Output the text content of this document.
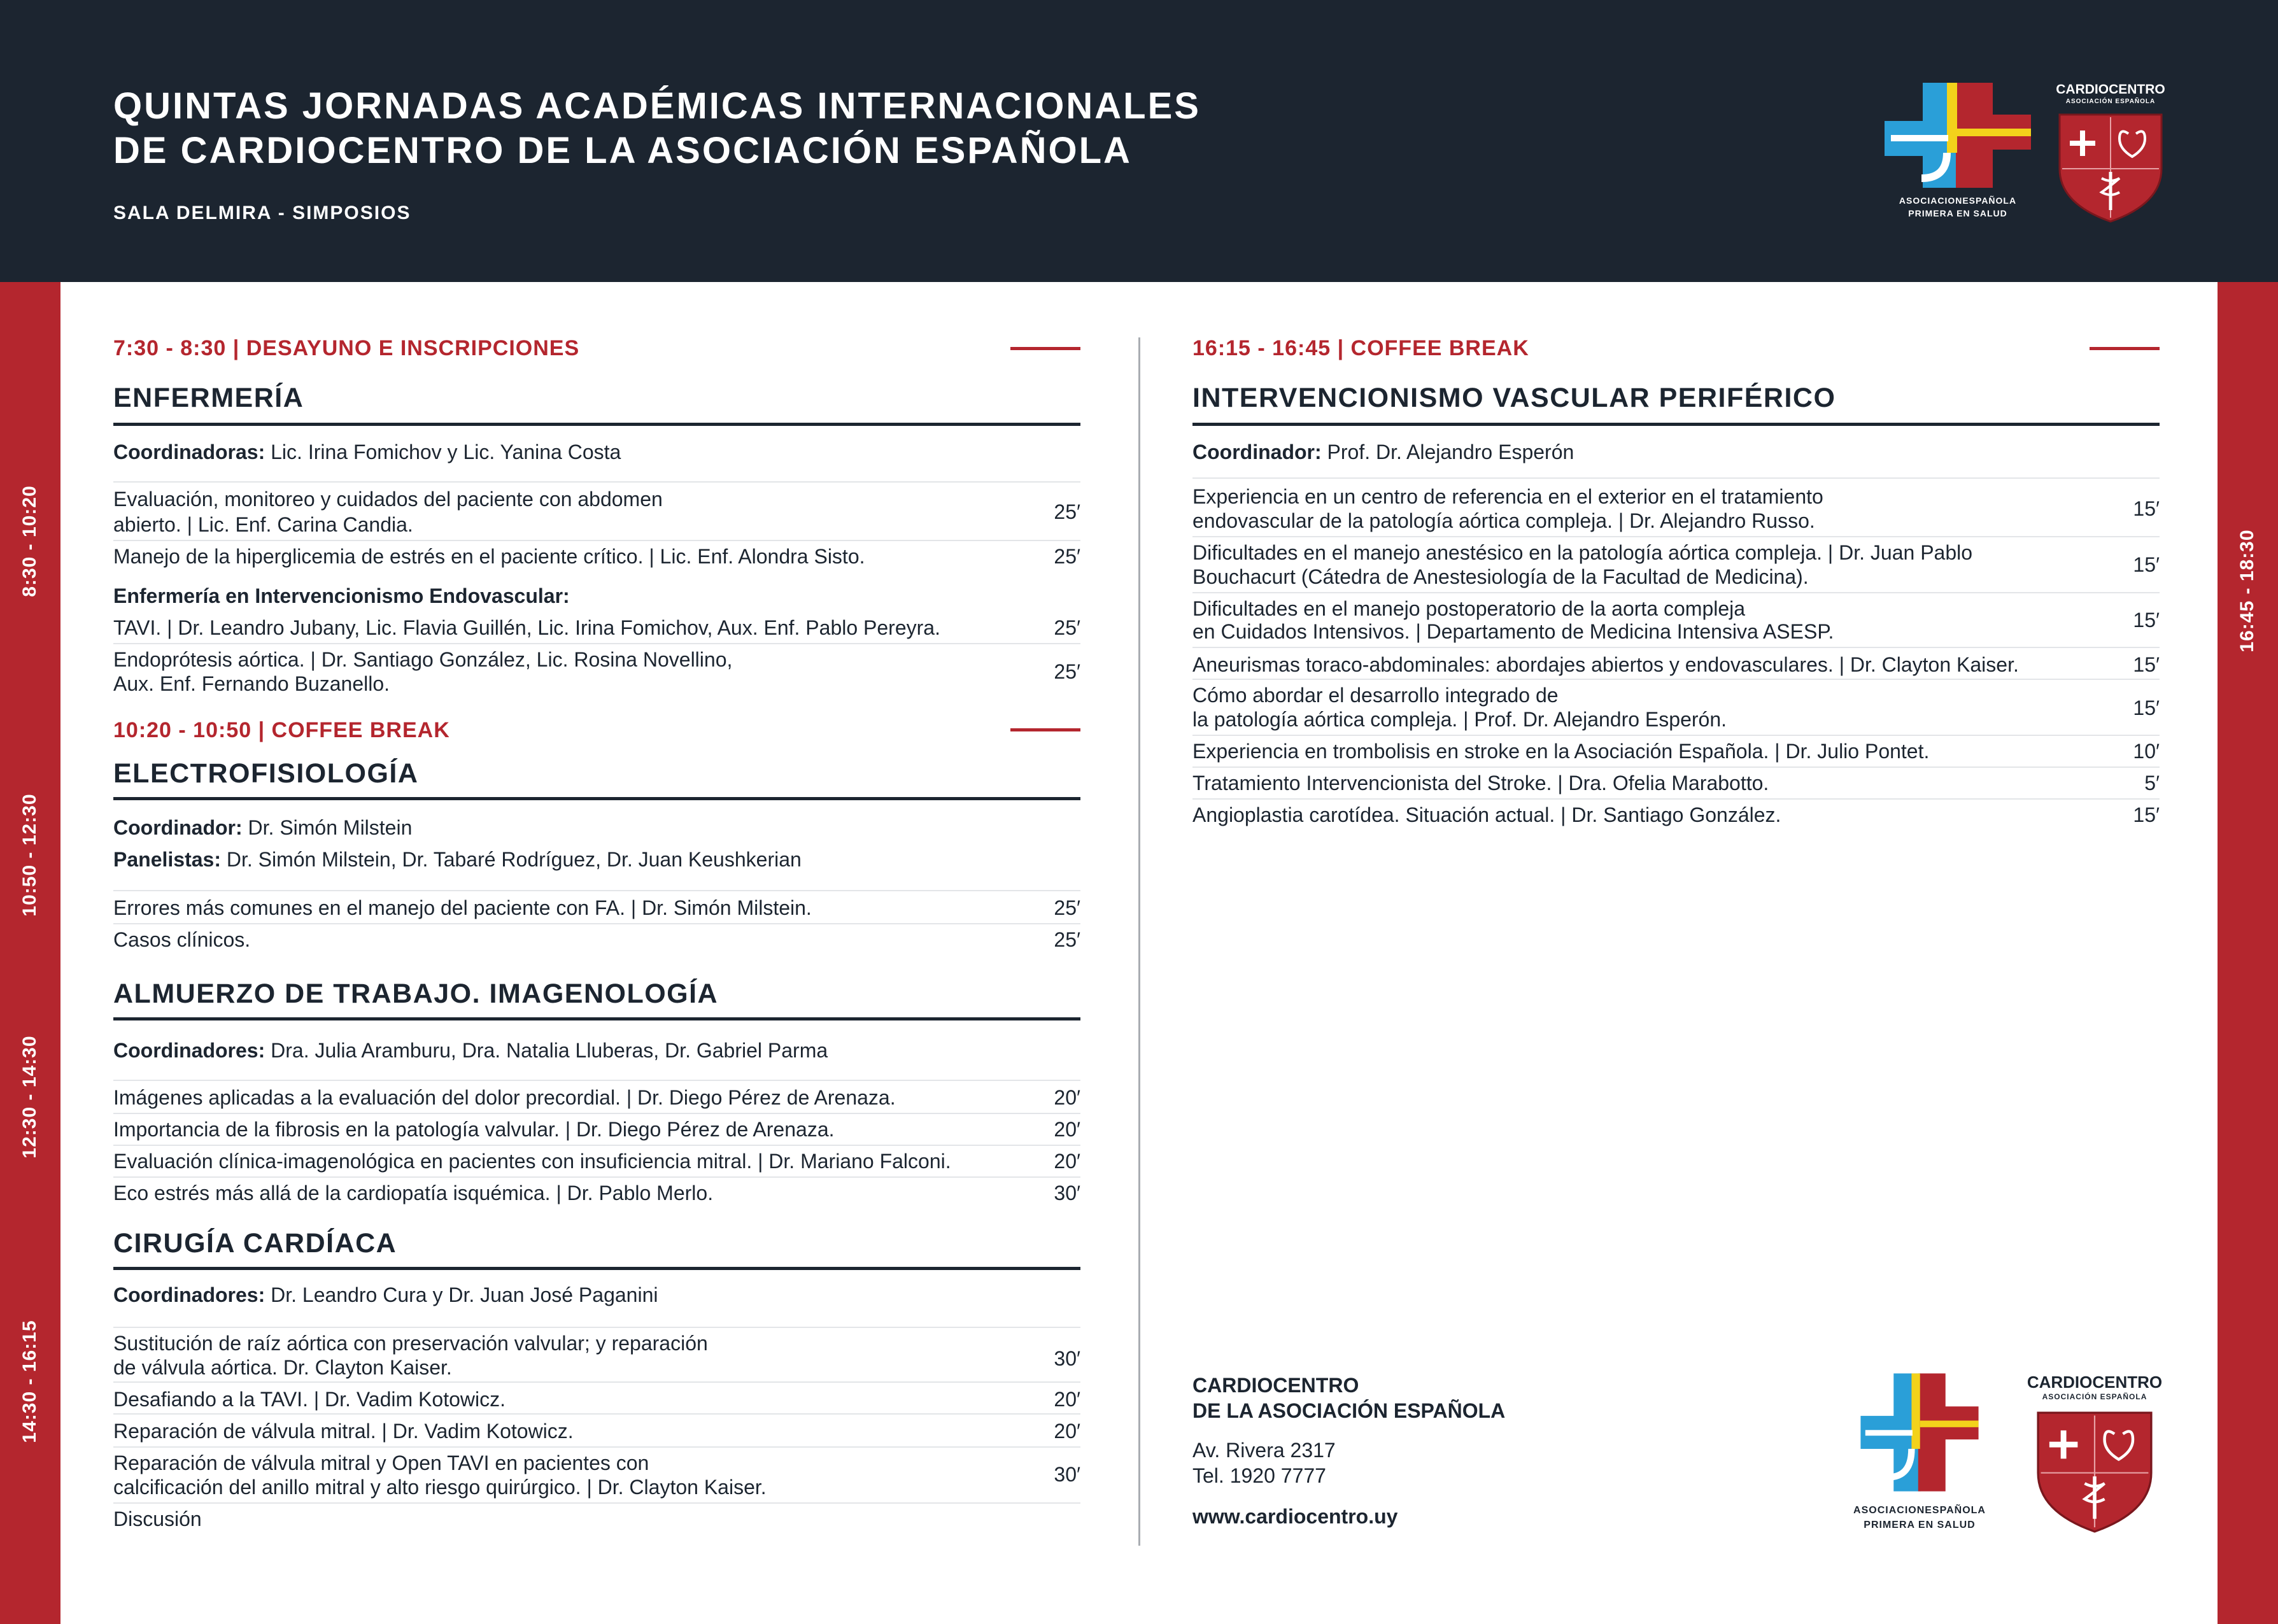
QUINTAS JORNADAS ACADÉMICAS INTERNACIONALES
DE CARDIOCENTRO DE LA ASOCIACIÓN ESPAÑOLA
SALA DELMIRA - SIMPOSIOS
ASOCIACIONESPAÑOLA
PRIMERA EN SALUD
CARDIOCENTRO
ASOCIACIÓN ESPAÑOLA
8:30 - 10:20
10:50 - 12:30
12:30 - 14:30
14:30 - 16:15
16:45 - 18:30
7:30 - 8:30 | DESAYUNO E INSCRIPCIONES
ENFERMERÍA
Coordinadoras: Lic. Irina Fomichov y Lic. Yanina Costa
Evaluación, monitoreo y cuidados del paciente con abdomen
abierto. | Lic. Enf. Carina Candia.
25′
Manejo de la hiperglicemia de estrés en el paciente crítico. | Lic. Enf. Alondra Sisto.	25′
Enfermería en Intervencionismo Endovascular:
TAVI. | Dr. Leandro Jubany, Lic. Flavia Guillén, Lic. Irina Fomichov, Aux. Enf. Pablo Pereyra.	25′
Endoprótesis aórtica. | Dr. Santiago González, Lic. Rosina Novellino,
Aux. Enf. Fernando Buzanello.
25′
10:20 - 10:50 | COFFEE BREAK
ELECTROFISIOLOGÍA
Coordinador: Dr. Simón Milstein
Panelistas: Dr. Simón Milstein, Dr. Tabaré Rodríguez, Dr. Juan Keushkerian
Errores más comunes en el manejo del paciente con FA. | Dr. Simón Milstein.	25′
Casos clínicos.	25′
ALMUERZO DE TRABAJO. IMAGENOLOGÍA
Coordinadores: Dra. Julia Aramburu, Dra. Natalia Lluberas, Dr. Gabriel Parma
Imágenes aplicadas a la evaluación del dolor precordial. | Dr. Diego Pérez de Arenaza.	20′
Importancia de la fibrosis en la patología valvular. | Dr. Diego Pérez de Arenaza.	20′
Evaluación clínica-imagenológica en pacientes con insuficiencia mitral. | Dr. Mariano Falconi.	20′
Eco estrés más allá de la cardiopatía isquémica. | Dr. Pablo Merlo.	30′
CIRUGÍA CARDÍACA
Coordinadores: Dr. Leandro Cura y Dr. Juan José Paganini
Sustitución de raíz aórtica con preservación valvular; y reparación
de válvula aórtica. Dr. Clayton Kaiser.	30′
Desafiando a la TAVI. | Dr. Vadim Kotowicz.	20′
Reparación de válvula mitral. | Dr. Vadim Kotowicz.	20′
Reparación de válvula mitral y Open TAVI en pacientes con
calcificación del anillo mitral y alto riesgo quirúrgico. | Dr. Clayton Kaiser.
30′
Discusión
16:15 - 16:45 | COFFEE BREAK
INTERVENCIONISMO VASCULAR PERIFÉRICO
Coordinador: Prof. Dr. Alejandro Esperón
Experiencia en un centro de referencia en el exterior en el tratamiento
endovascular de la patología aórtica compleja. | Dr. Alejandro Russo.
15′
Dificultades en el manejo anestésico en la patología aórtica compleja. | Dr. Juan Pablo
Bouchacurt (Cátedra de Anestesiología de la Facultad de Medicina).
15′
Dificultades en el manejo postoperatorio de la aorta compleja
en Cuidados Intensivos. | Departamento de Medicina Intensiva ASESP.	15′
Aneurismas toraco-abdominales: abordajes abiertos y endovasculares. | Dr. Clayton Kaiser.	15′
Cómo abordar el desarrollo integrado de
la patología aórtica compleja. | Prof. Dr. Alejandro Esperón.	15′
Experiencia en trombolisis en stroke en la Asociación Española. | Dr. Julio Pontet.	10′
Tratamiento Intervencionista del Stroke. | Dra. Ofelia Marabotto.	5′
Angioplastia carotídea. Situación actual. | Dr. Santiago González.	15′
CARDIOCENTRO
DE LA ASOCIACIÓN ESPAÑOLA
Av. Rivera 2317
Tel. 1920 7777
www.cardiocentro.uy	ASOCIACIONESPAÑOLA
PRIMERA EN SALUD
CARDIOCENTRO
ASOCIACIÓN ESPAÑOLA
